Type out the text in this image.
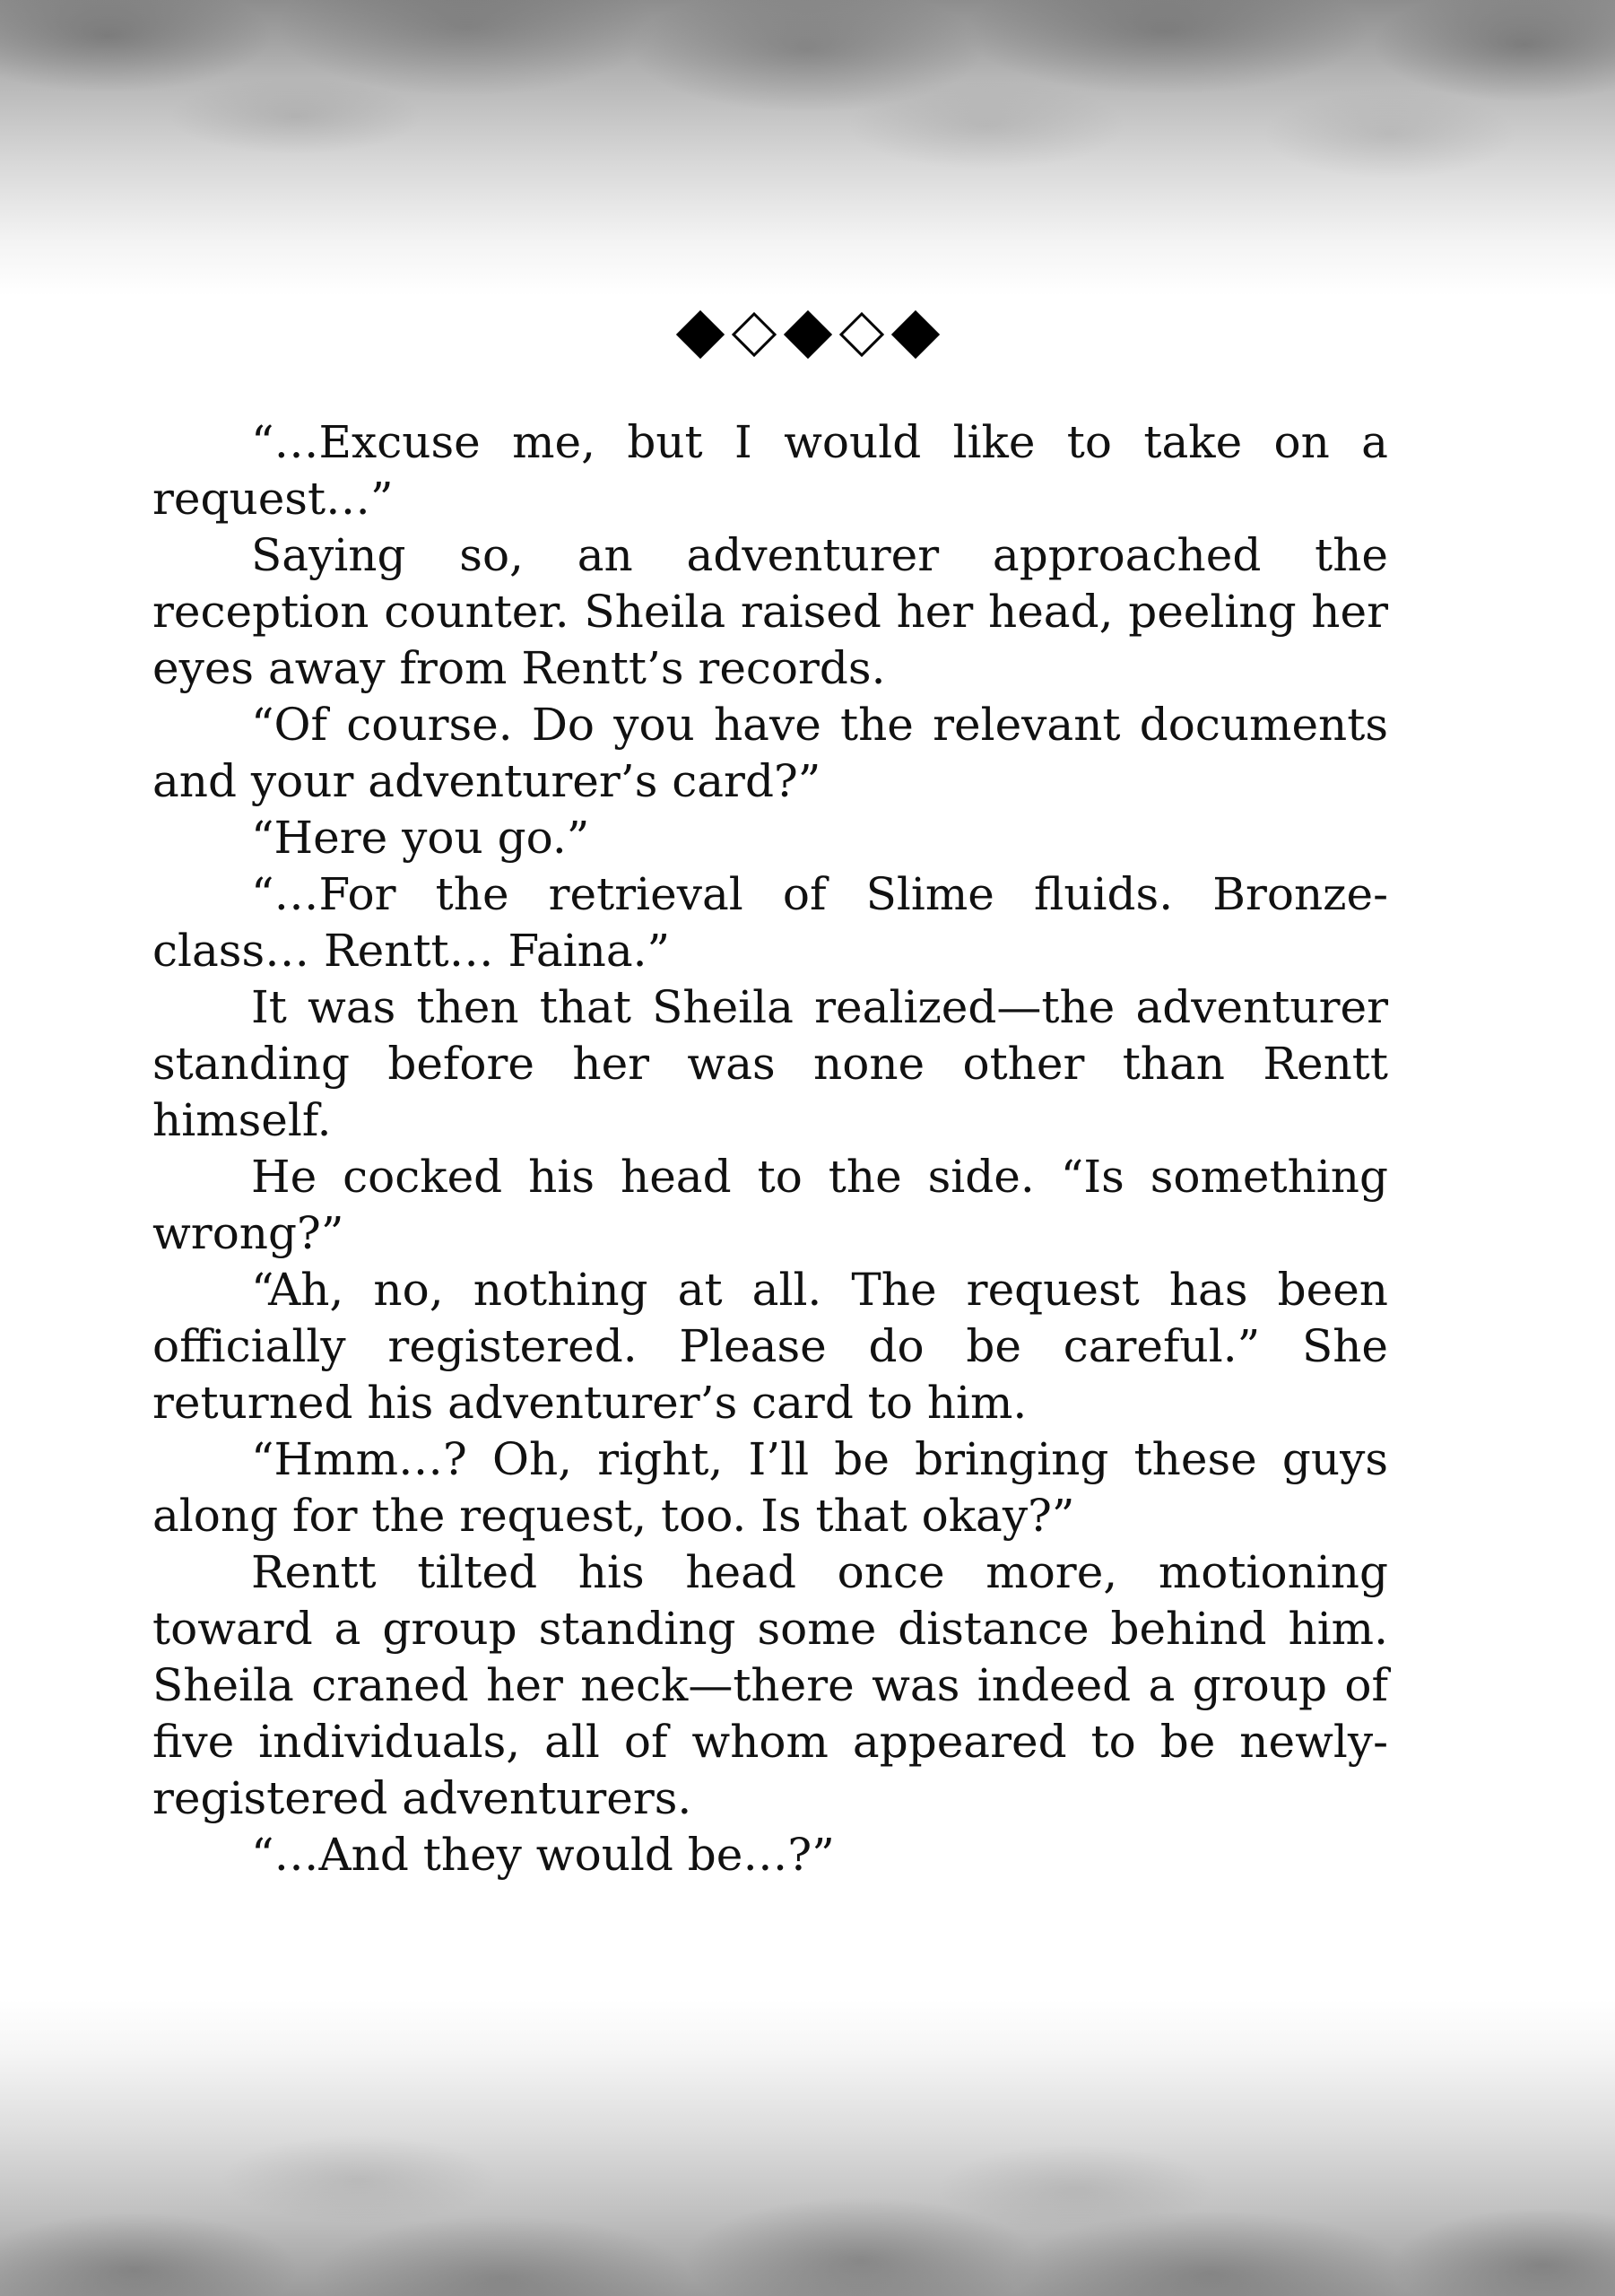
“…Excuse me, but I would like to take on a request…”

Saying so, an adventurer approached the reception counter. Sheila raised her head, peeling her eyes away from Rentt’s records.

“Of course. Do you have the relevant documents and your adventurer’s card?”

“Here you go.”

“…For the retrieval of Slime fluids. Bronze-class… Rentt… Faina.”

It was then that Sheila realized—the adventurer standing before her was none other than Rentt himself.

He cocked his head to the side. “Is something wrong?”

“Ah, no, nothing at all. The request has been officially registered. Please do be careful.” She returned his adventurer’s card to him.

“Hmm…? Oh, right, I’ll be bringing these guys along for the request, too. Is that okay?”

Rentt tilted his head once more, motioning toward a group standing some distance behind him. Sheila craned her neck—there was indeed a group of five individuals, all of whom appeared to be newly-registered adventurers.

“…And they would be…?”
